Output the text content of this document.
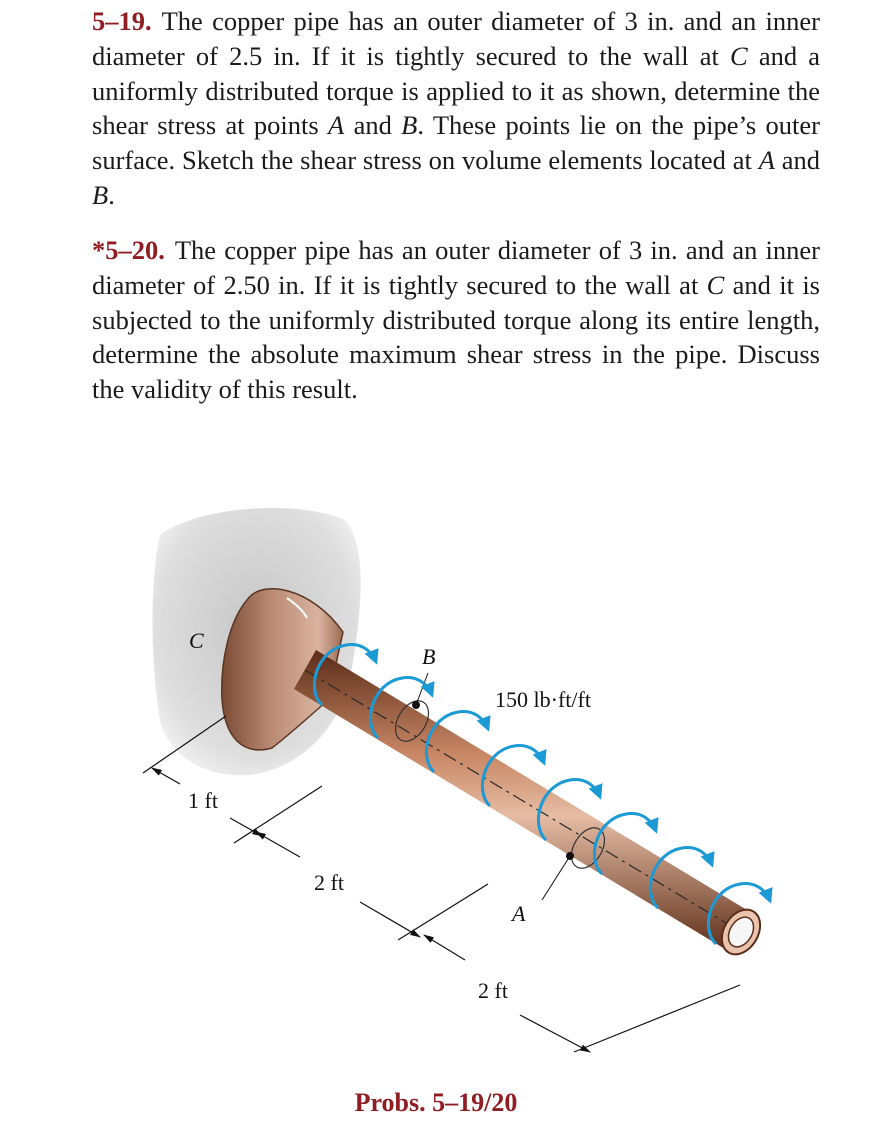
5–19. The copper pipe has an outer diameter of 3 in. and an inner diameter of 2.5 in. If it is tightly secured to the wall at C and a uniformly distributed torque is applied to it as shown, determine the shear stress at points A and B. These points lie on the pipe’s outer surface. Sketch the shear stress on volume elements located at A and B.
*5–20. The copper pipe has an outer diameter of 3 in. and an inner diameter of 2.50 in. If it is tightly secured to the wall at C and it is subjected to the uniformly distributed torque along its entire length, determine the absolute maximum shear stress in the pipe. Discuss the validity of this result.
C
B
A
150 lb·ft/ft
1 ft
2 ft
2 ft
Probs. 5–19/20
